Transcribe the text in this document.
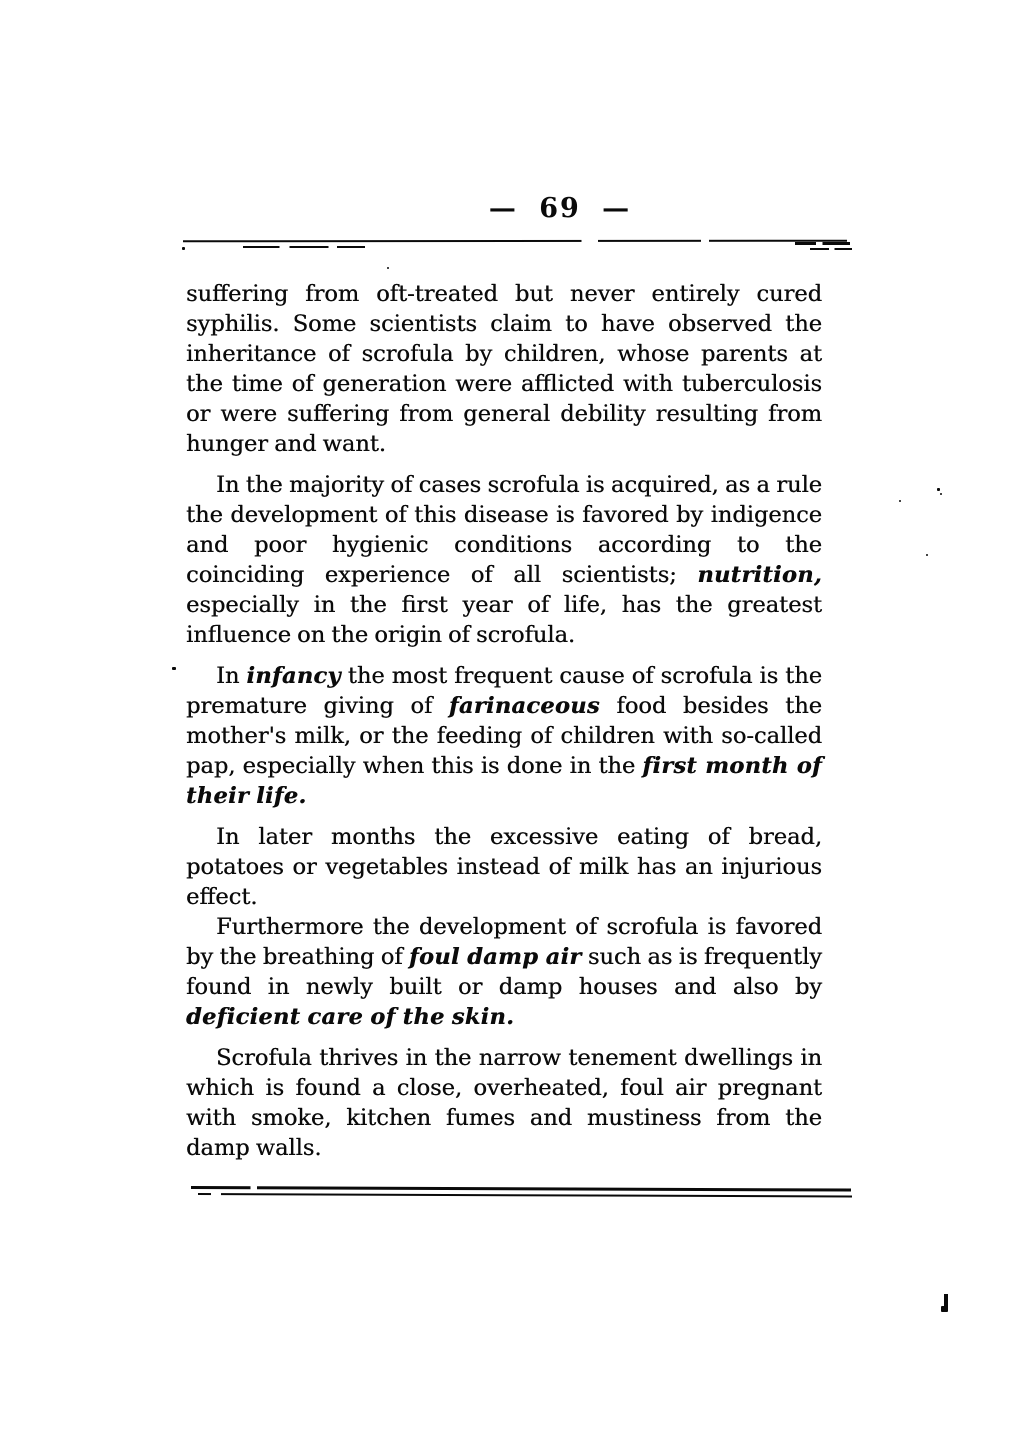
— 69 —

suffering from oft-treated but never entirely cured syphilis. Some scientists claim to have observed the inheritance of scrofula by children, whose parents at the time of generation were afflicted with tuberculosis or were suffering from general debility resulting from hunger and want.

In the majority of cases scrofula is acquired, as a rule the development of this disease is favored by indigence and poor hygienic conditions according to the coinciding experience of all scientists; nutrition, especially in the first year of life, has the greatest influence on the origin of scrofula.

In infancy the most frequent cause of scrofula is the premature giving of farinaceous food besides the mother's milk, or the feeding of children with so-called pap, especially when this is done in the first month of their life.

In later months the excessive eating of bread, potatoes or vegetables instead of milk has an injurious effect.

Furthermore the development of scrofula is favored by the breathing of foul damp air such as is frequently found in newly built or damp houses and also by deficient care of the skin.

Scrofula thrives in the narrow tenement dwellings in which is found a close, overheated, foul air pregnant with smoke, kitchen fumes and mustiness from the damp walls.
